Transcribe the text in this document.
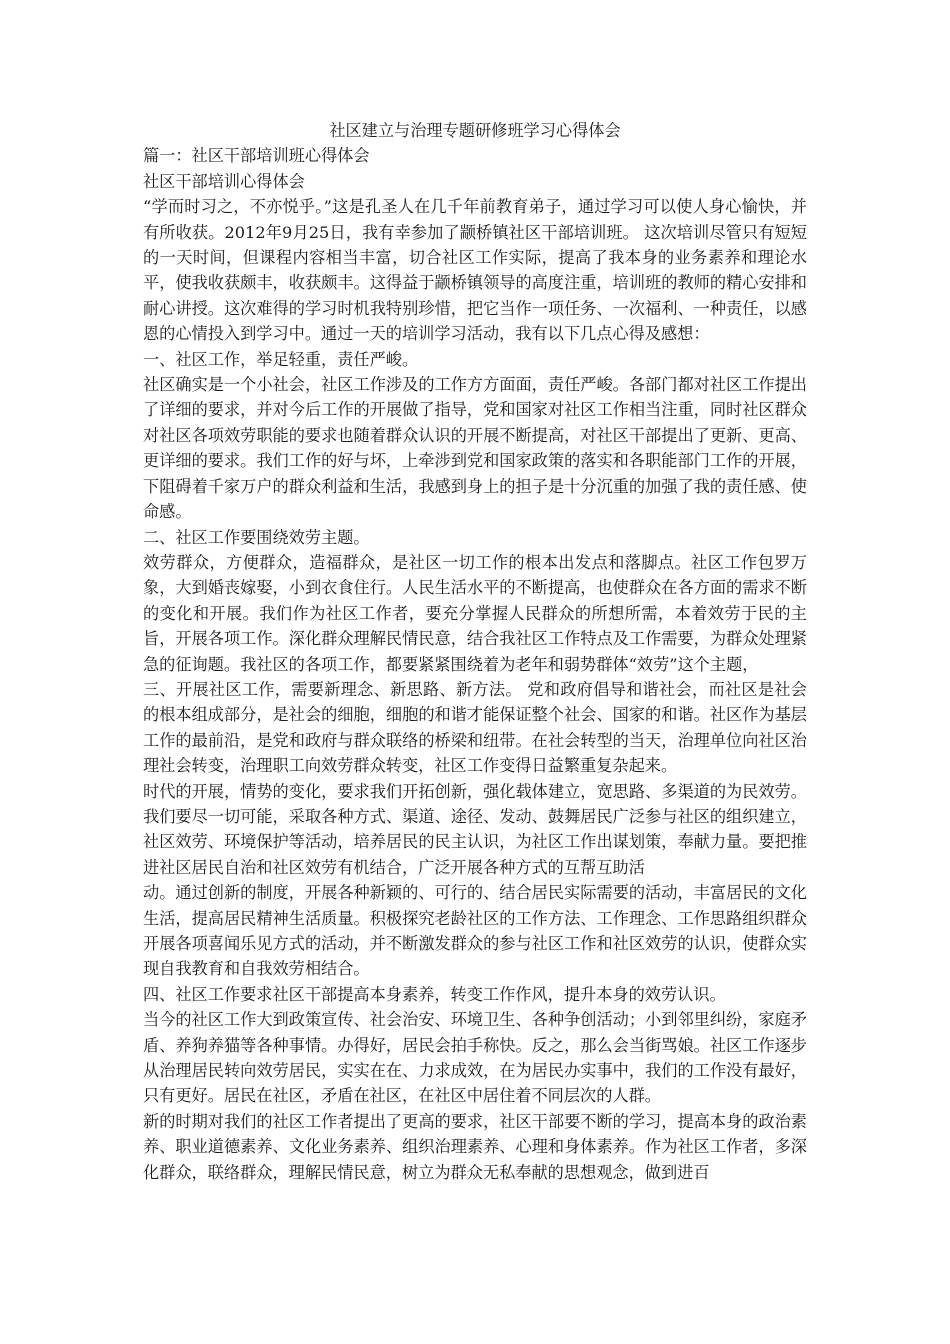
社区建立与治理专题研修班学习心得体会

篇一：社区干部培训班心得体会

社区干部培训心得体会

“学而时习之，不亦悦乎。”这是孔圣人在几千年前教育弟子，通过学习可以使人身心愉快，并有所收获。2012年9月25日，我有幸参加了颛桥镇社区干部培训班。 这次培训尽管只有短短的一天时间，但课程内容相当丰富，切合社区工作实际，提高了我本身的业务素养和理论水平，使我收获颇丰，收获颇丰。这得益于颛桥镇领导的高度注重，培训班的教师的精心安排和耐心讲授。这次难得的学习时机我特别珍惜，把它当作一项任务、一次福利、一种责任，以感恩的心情投入到学习中。通过一天的培训学习活动，我有以下几点心得及感想：

一、社区工作，举足轻重，责任严峻。

社区确实是一个小社会，社区工作涉及的工作方方面面，责任严峻。各部门都对社区工作提出了详细的要求，并对今后工作的开展做了指导，党和国家对社区工作相当注重，同时社区群众对社区各项效劳职能的要求也随着群众认识的开展不断提高，对社区干部提出了更新、更高、更详细的要求。我们工作的好与坏，上牵涉到党和国家政策的落实和各职能部门工作的开展，下阻碍着千家万户的群众利益和生活，我感到身上的担子是十分沉重的加强了我的责任感、使命感。

二、社区工作要围绕效劳主题。

效劳群众，方便群众，造福群众，是社区一切工作的根本出发点和落脚点。社区工作包罗万象，大到婚丧嫁娶，小到衣食住行。人民生活水平的不断提高，也使群众在各方面的需求不断的变化和开展。我们作为社区工作者，要充分掌握人民群众的所想所需，本着效劳于民的主旨，开展各项工作。深化群众理解民情民意，结合我社区工作特点及工作需要，为群众处理紧急的征询题。我社区的各项工作，都要紧紧围绕着为老年和弱势群体“效劳”这个主题，

三、开展社区工作，需要新理念、新思路、新方法。 党和政府倡导和谐社会，而社区是社会的根本组成部分，是社会的细胞，细胞的和谐才能保证整个社会、国家的和谐。社区作为基层工作的最前沿，是党和政府与群众联络的桥梁和纽带。在社会转型的当天，治理单位向社区治理社会转变，治理职工向效劳群众转变，社区工作变得日益繁重复杂起来。

时代的开展，情势的变化，要求我们开拓创新，强化载体建立，宽思路、多渠道的为民效劳。我们要尽一切可能，采取各种方式、渠道、途径、发动、鼓舞居民广泛参与社区的组织建立，社区效劳、环境保护等活动，培养居民的民主认识，为社区工作出谋划策，奉献力量。要把推进社区居民自治和社区效劳有机结合，广泛开展各种方式的互帮互助活

动。通过创新的制度，开展各种新颖的、可行的、结合居民实际需要的活动，丰富居民的文化生活，提高居民精神生活质量。积极探究老龄社区的工作方法、工作理念、工作思路组织群众开展各项喜闻乐见方式的活动，并不断激发群众的参与社区工作和社区效劳的认识，使群众实现自我教育和自我效劳相结合。

四、社区工作要求社区干部提高本身素养，转变工作作风，提升本身的效劳认识。

当今的社区工作大到政策宣传、社会治安、环境卫生、各种争创活动；小到邻里纠纷，家庭矛盾、养狗养猫等各种事情。办得好，居民会拍手称快。反之，那么会当街骂娘。社区工作逐步从治理居民转向效劳居民，实实在在、力求成效，在为居民办实事中，我们的工作没有最好，只有更好。居民在社区，矛盾在社区，在社区中居住着不同层次的人群。

新的时期对我们的社区工作者提出了更高的要求，社区干部要不断的学习，提高本身的政治素养、职业道德素养、文化业务素养、组织治理素养、心理和身体素养。作为社区工作者，多深化群众，联络群众，理解民情民意，树立为群众无私奉献的思想观念，做到进百
